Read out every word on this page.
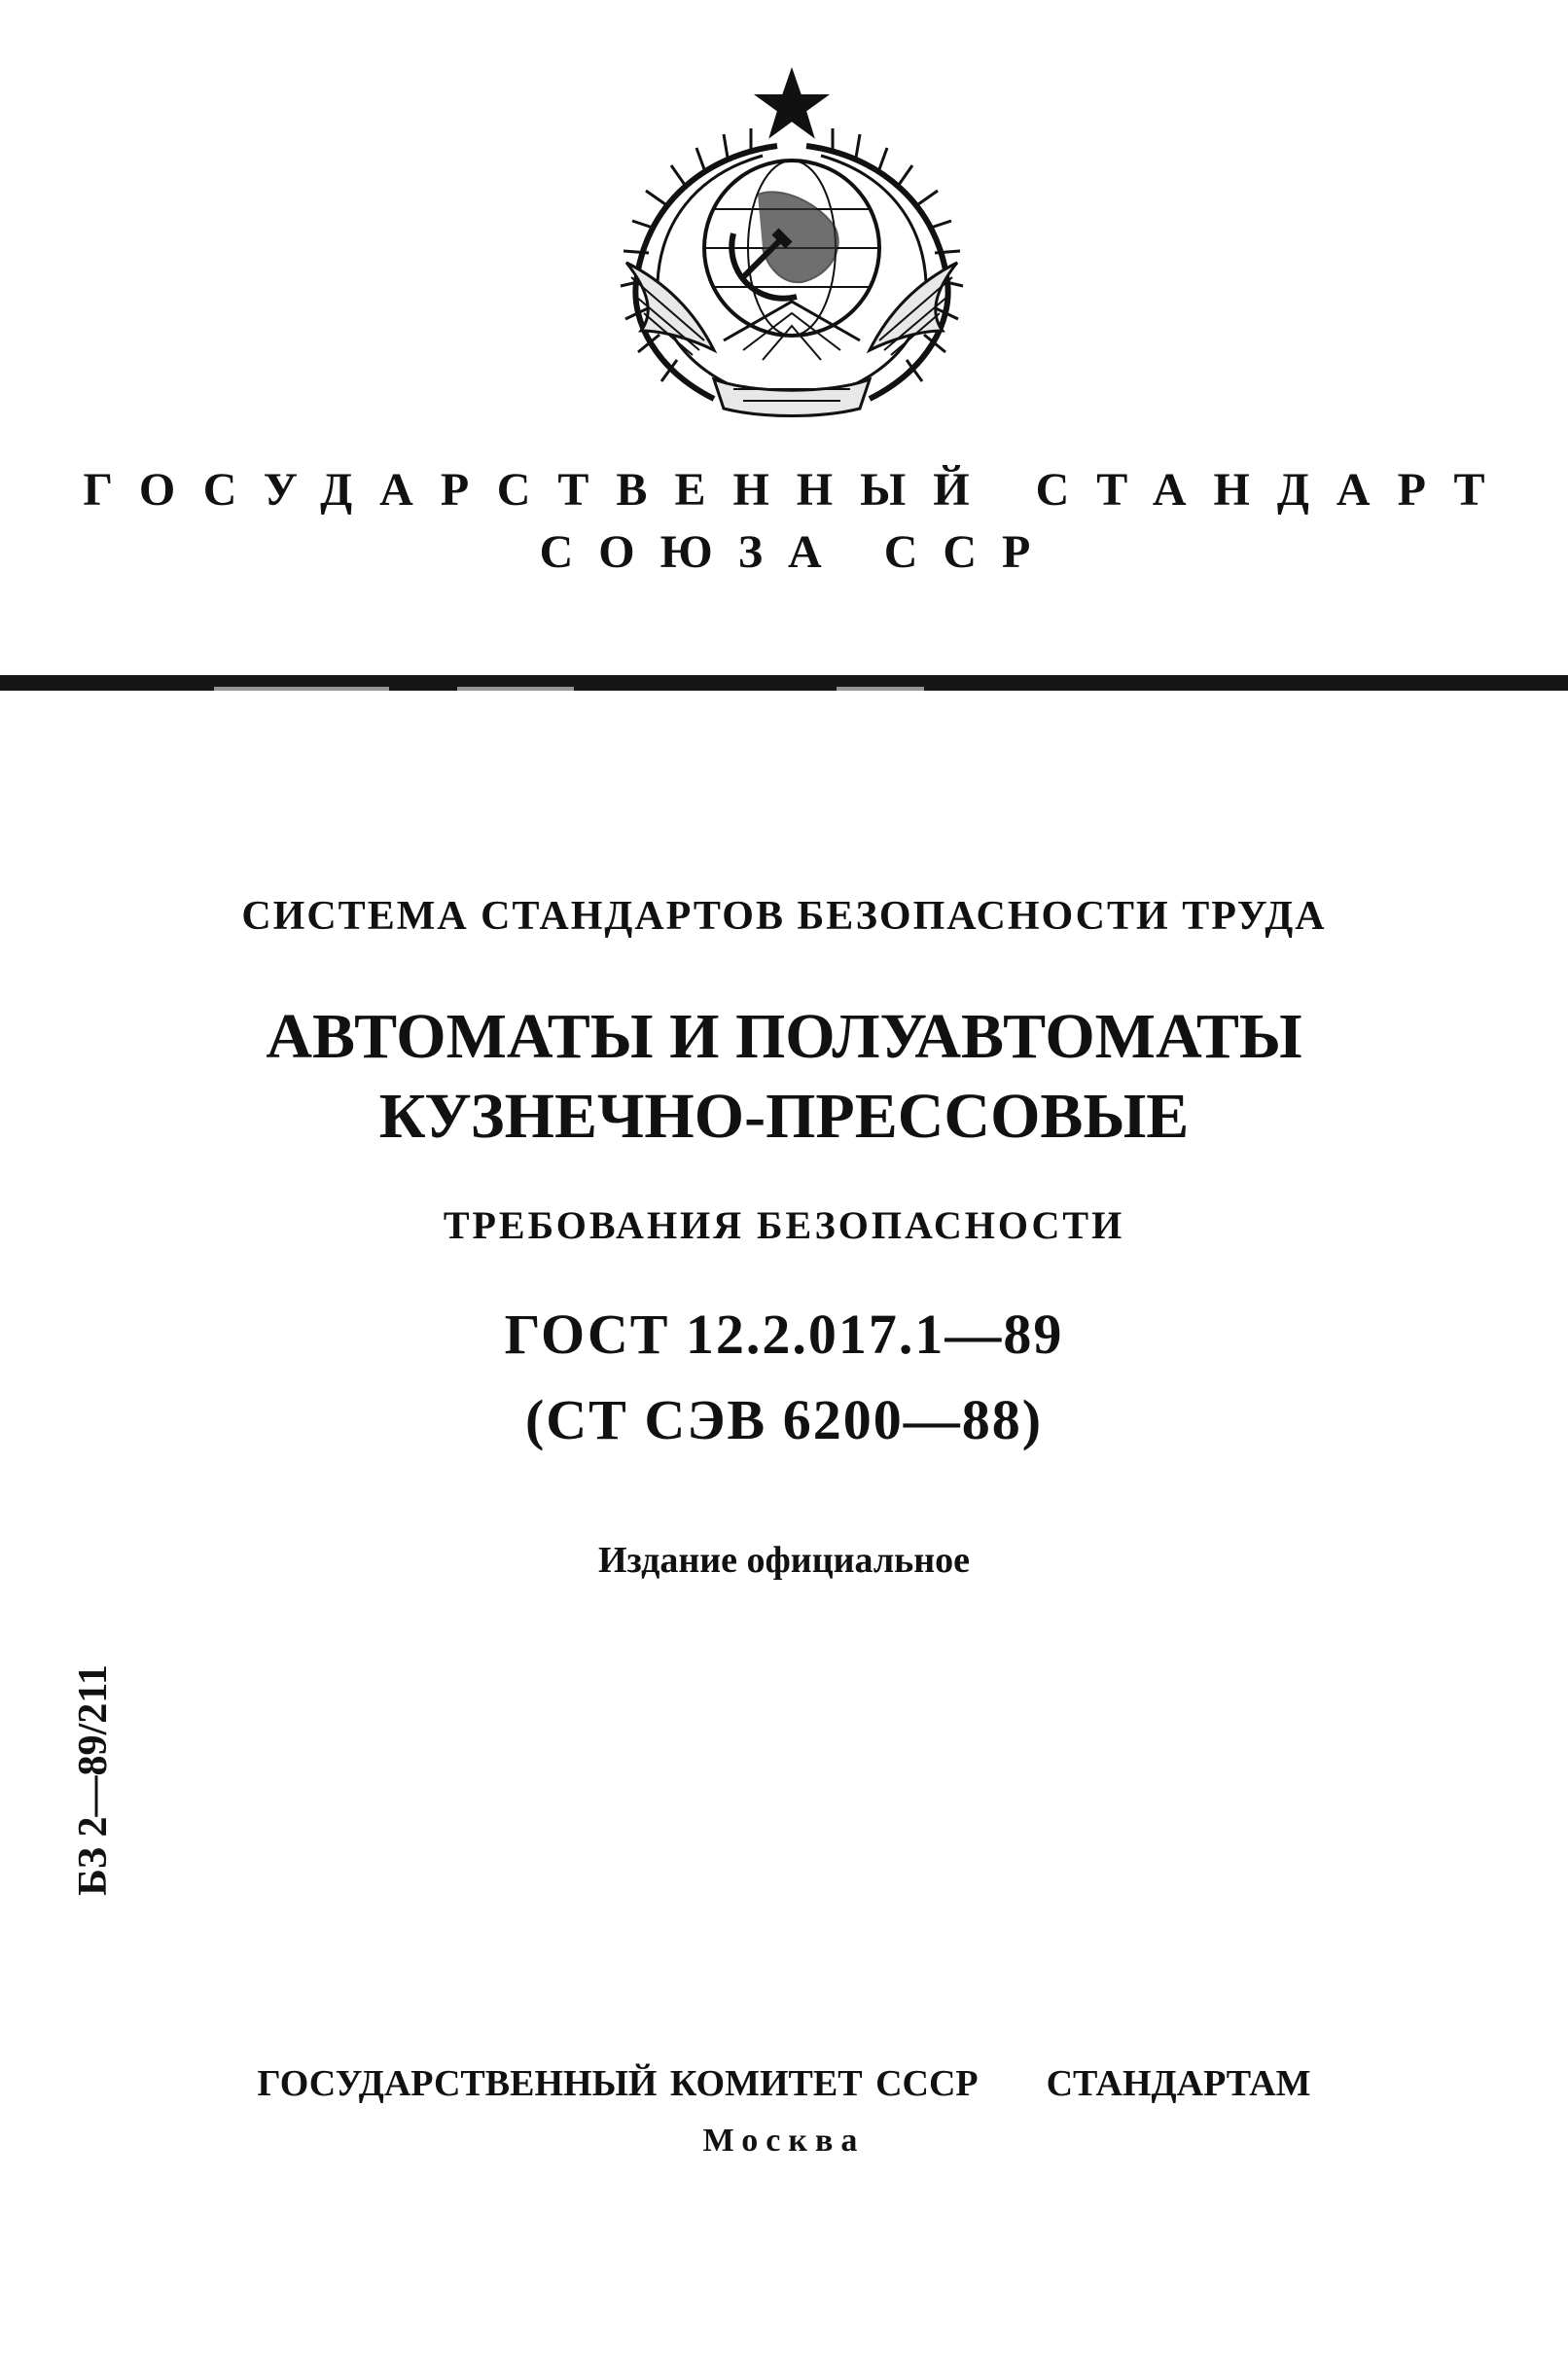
ГОСУДАРСТВЕННЫЙ СТАНДАРТ
СОЮЗА ССР
СИСТЕМА СТАНДАРТОВ БЕЗОПАСНОСТИ ТРУДА
АВТОМАТЫ И ПОЛУАВТОМАТЫ
КУЗНЕЧНО-ПРЕССОВЫЕ
ТРЕБОВАНИЯ БЕЗОПАСНОСТИ
ГОСТ 12.2.017.1—89
(СТ СЭВ 6200—88)
Издание официальное
БЗ 2—89/211
ГОСУДАРСТВЕННЫЙ КОМИТЕТ СССР СТАНДАРТАМ
Москва
